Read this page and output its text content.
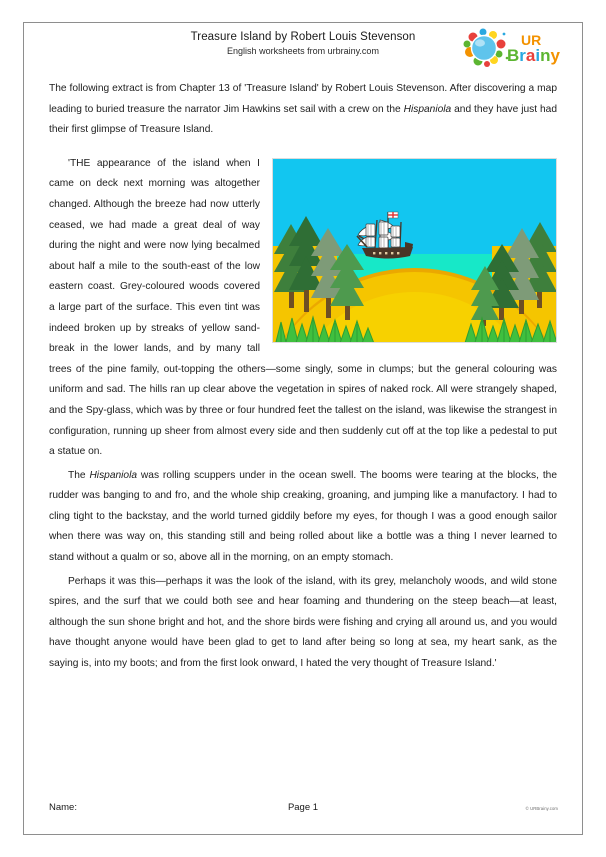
Treasure Island by Robert Louis Stevenson
English worksheets from urbrainy.com
UR
Brainy

The following extract is from Chapter 13 of 'Treasure Island' by Robert Louis Stevenson. After discovering a map leading to buried treasure the narrator Jim Hawkins set sail with a crew on the Hispaniola and they have just had their first glimpse of Treasure Island.

'THE appearance of the island when I came on deck next morning was altogether changed. Although the breeze had now utterly ceased, we had made a great deal of way during the night and were now lying becalmed about half a mile to the south-east of the low eastern coast. Grey-coloured woods covered a large part of the surface. This even tint was indeed broken up by streaks of yellow sand-break in the lower lands, and by many tall trees of the pine family, out-topping the others—some singly, some in clumps; but the general colouring was uniform and sad. The hills ran up clear above the vegetation in spires of naked rock. All were strangely shaped, and the Spy-glass, which was by three or four hundred feet the tallest on the island, was likewise the strangest in configuration, running up sheer from almost every side and then suddenly cut off at the top like a pedestal to put a statue on.

The Hispaniola was rolling scuppers under in the ocean swell. The booms were tearing at the blocks, the rudder was banging to and fro, and the whole ship creaking, groaning, and jumping like a manufactory. I had to cling tight to the backstay, and the world turned giddily before my eyes, for though I was a good enough sailor when there was way on, this standing still and being rolled about like a bottle was a thing I never learned to stand without a qualm or so, above all in the morning, on an empty stomach.

Perhaps it was this—perhaps it was the look of the island, with its grey, melancholy woods, and wild stone spires, and the surf that we could both see and hear foaming and thundering on the steep beach—at least, although the sun shone bright and hot, and the shore birds were fishing and crying all around us, and you would have thought anyone would have been glad to get to land after being so long at sea, my heart sank, as the saying is, into my boots; and from the first look onward, I hated the very thought of Treasure Island.'

Name:	Page 1	© URBrainy.com
